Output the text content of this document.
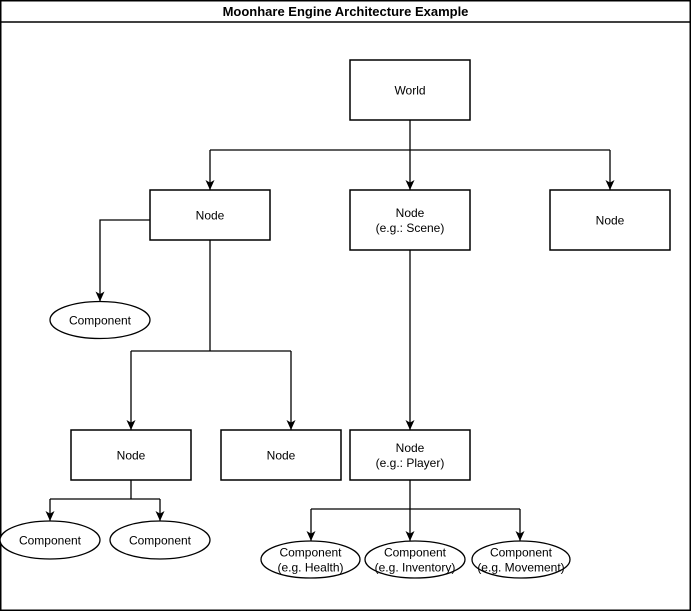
World
Node	Node (e.g.: Scene)
Node
Node	Node
Node (e.g.: Player)
Component
Component	Component
Component (e.g. Health)
Component (e.g. Inventory)
Component (e.g. Movement)
Moonhare Engine Architecture Example
